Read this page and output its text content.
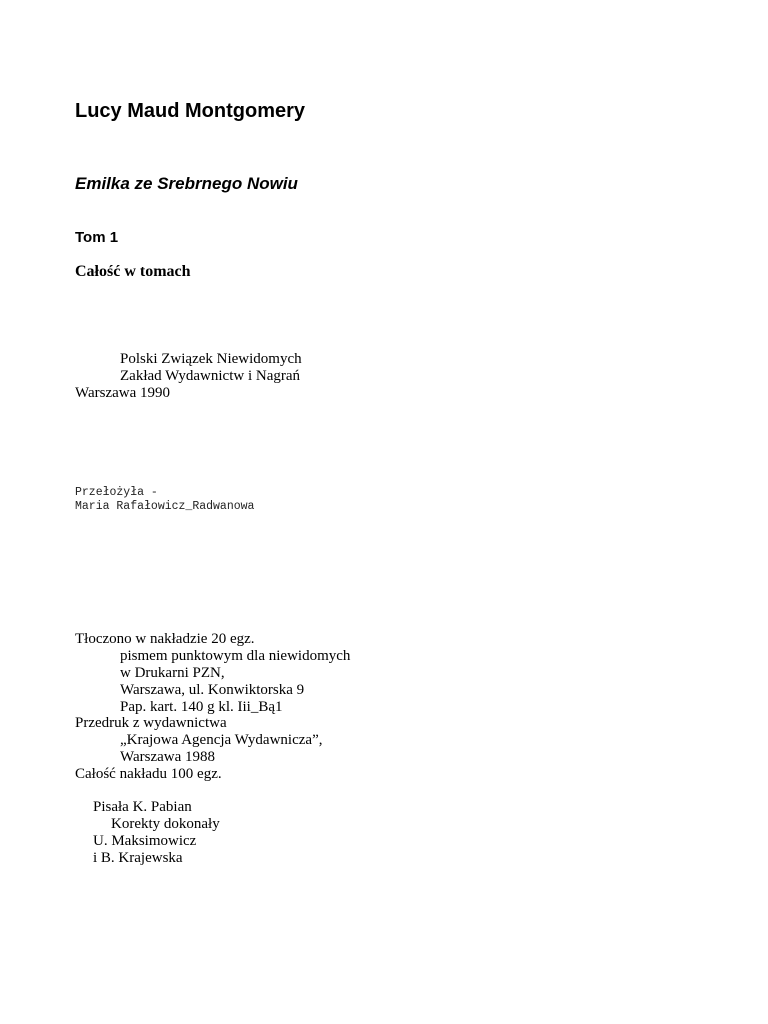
Lucy Maud Montgomery
Emilka ze Srebrnego Nowiu
Tom 1
Całość w tomach
Polski Związek Niewidomych
Zakład Wydawnictw i Nagrań
Warszawa 1990
Przełożyła -
Maria Rafałowicz_Radwanowa
Tłoczono w nakładzie 20 egz.
pismem punktowym dla niewidomych
w Drukarni PZN,
Warszawa, ul. Konwiktorska 9
Pap. kart. 140 g kl. Iii_Bą1
Przedruk z wydawnictwa
„Krajowa Agencja Wydawnicza”,
Warszawa 1988
Całość nakładu 100 egz.
Pisała K. Pabian
Korekty dokonały
U. Maksimowicz
i B. Krajewska
